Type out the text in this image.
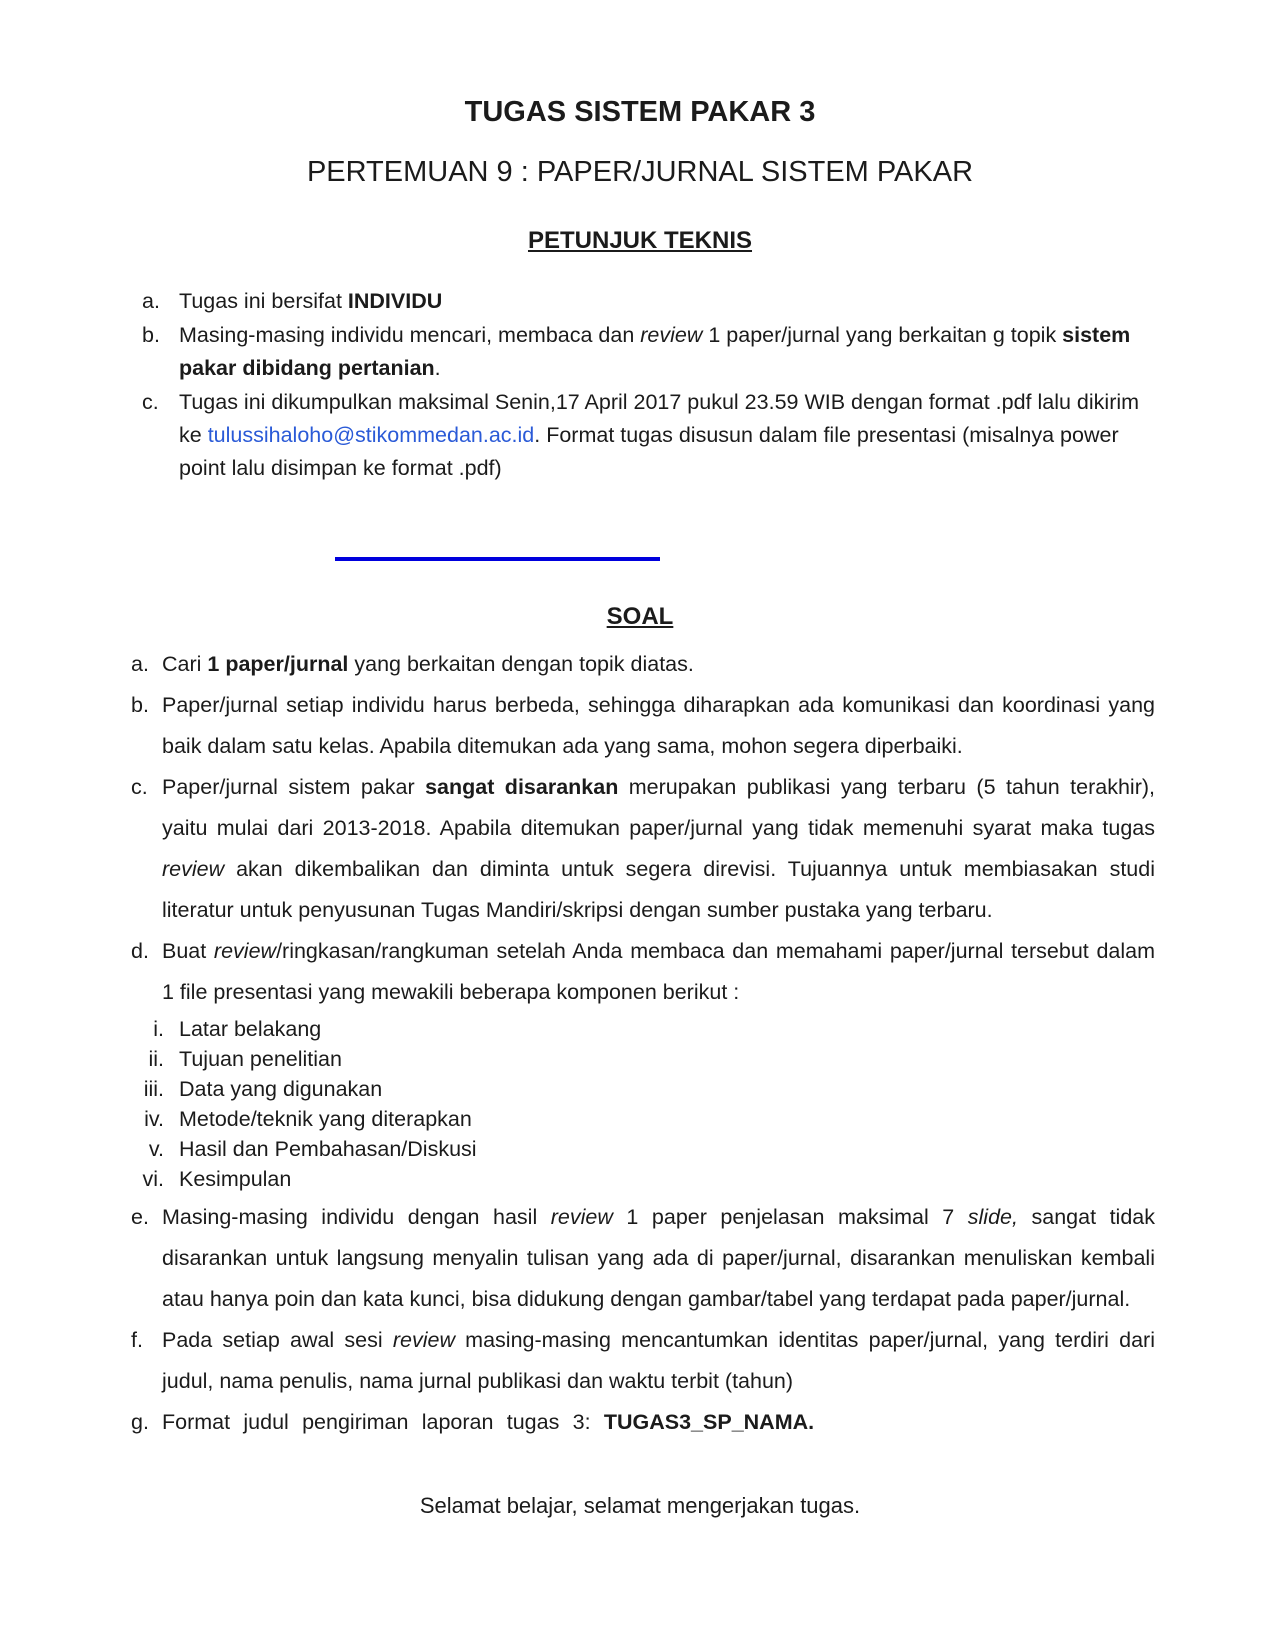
TUGAS SISTEM PAKAR 3
PERTEMUAN 9 : PAPER/JURNAL SISTEM PAKAR
PETUNJUK TEKNIS
a. Tugas ini bersifat INDIVIDU
b. Masing-masing individu mencari, membaca dan review 1 paper/jurnal yang berkaitan g topik sistem pakar dibidang pertanian.
c. Tugas ini dikumpulkan maksimal Senin,17 April 2017 pukul 23.59 WIB dengan format .pdf lalu dikirim ke tulussihaloho@stikommedan.ac.id. Format tugas disusun dalam file presentasi (misalnya power point lalu disimpan ke format .pdf)
SOAL
a. Cari 1 paper/jurnal yang berkaitan dengan topik diatas.
b. Paper/jurnal setiap individu harus berbeda, sehingga diharapkan ada komunikasi dan koordinasi yang baik dalam satu kelas. Apabila ditemukan ada yang sama, mohon segera diperbaiki.
c. Paper/jurnal sistem pakar sangat disarankan merupakan publikasi yang terbaru (5 tahun terakhir), yaitu mulai dari 2013-2018. Apabila ditemukan paper/jurnal yang tidak memenuhi syarat maka tugas review akan dikembalikan dan diminta untuk segera direvisi. Tujuannya untuk membiasakan studi literatur untuk penyusunan Tugas Mandiri/skripsi dengan sumber pustaka yang terbaru.
d. Buat review/ringkasan/rangkuman setelah Anda membaca dan memahami paper/jurnal tersebut dalam 1 file presentasi yang mewakili beberapa komponen berikut :
i. Latar belakang
ii. Tujuan penelitian
iii. Data yang digunakan
iv. Metode/teknik yang diterapkan
v. Hasil dan Pembahasan/Diskusi
vi. Kesimpulan
e. Masing-masing individu dengan hasil review 1 paper penjelasan maksimal 7 slide, sangat tidak disarankan untuk langsung menyalin tulisan yang ada di paper/jurnal, disarankan menuliskan kembali atau hanya poin dan kata kunci, bisa didukung dengan gambar/tabel yang terdapat pada paper/jurnal.
f. Pada setiap awal sesi review masing-masing mencantumkan identitas paper/jurnal, yang terdiri dari judul, nama penulis, nama jurnal publikasi dan waktu terbit (tahun)
g. Format judul pengiriman laporan tugas 3: TUGAS3_SP_NAMA.

Selamat belajar, selamat mengerjakan tugas.
